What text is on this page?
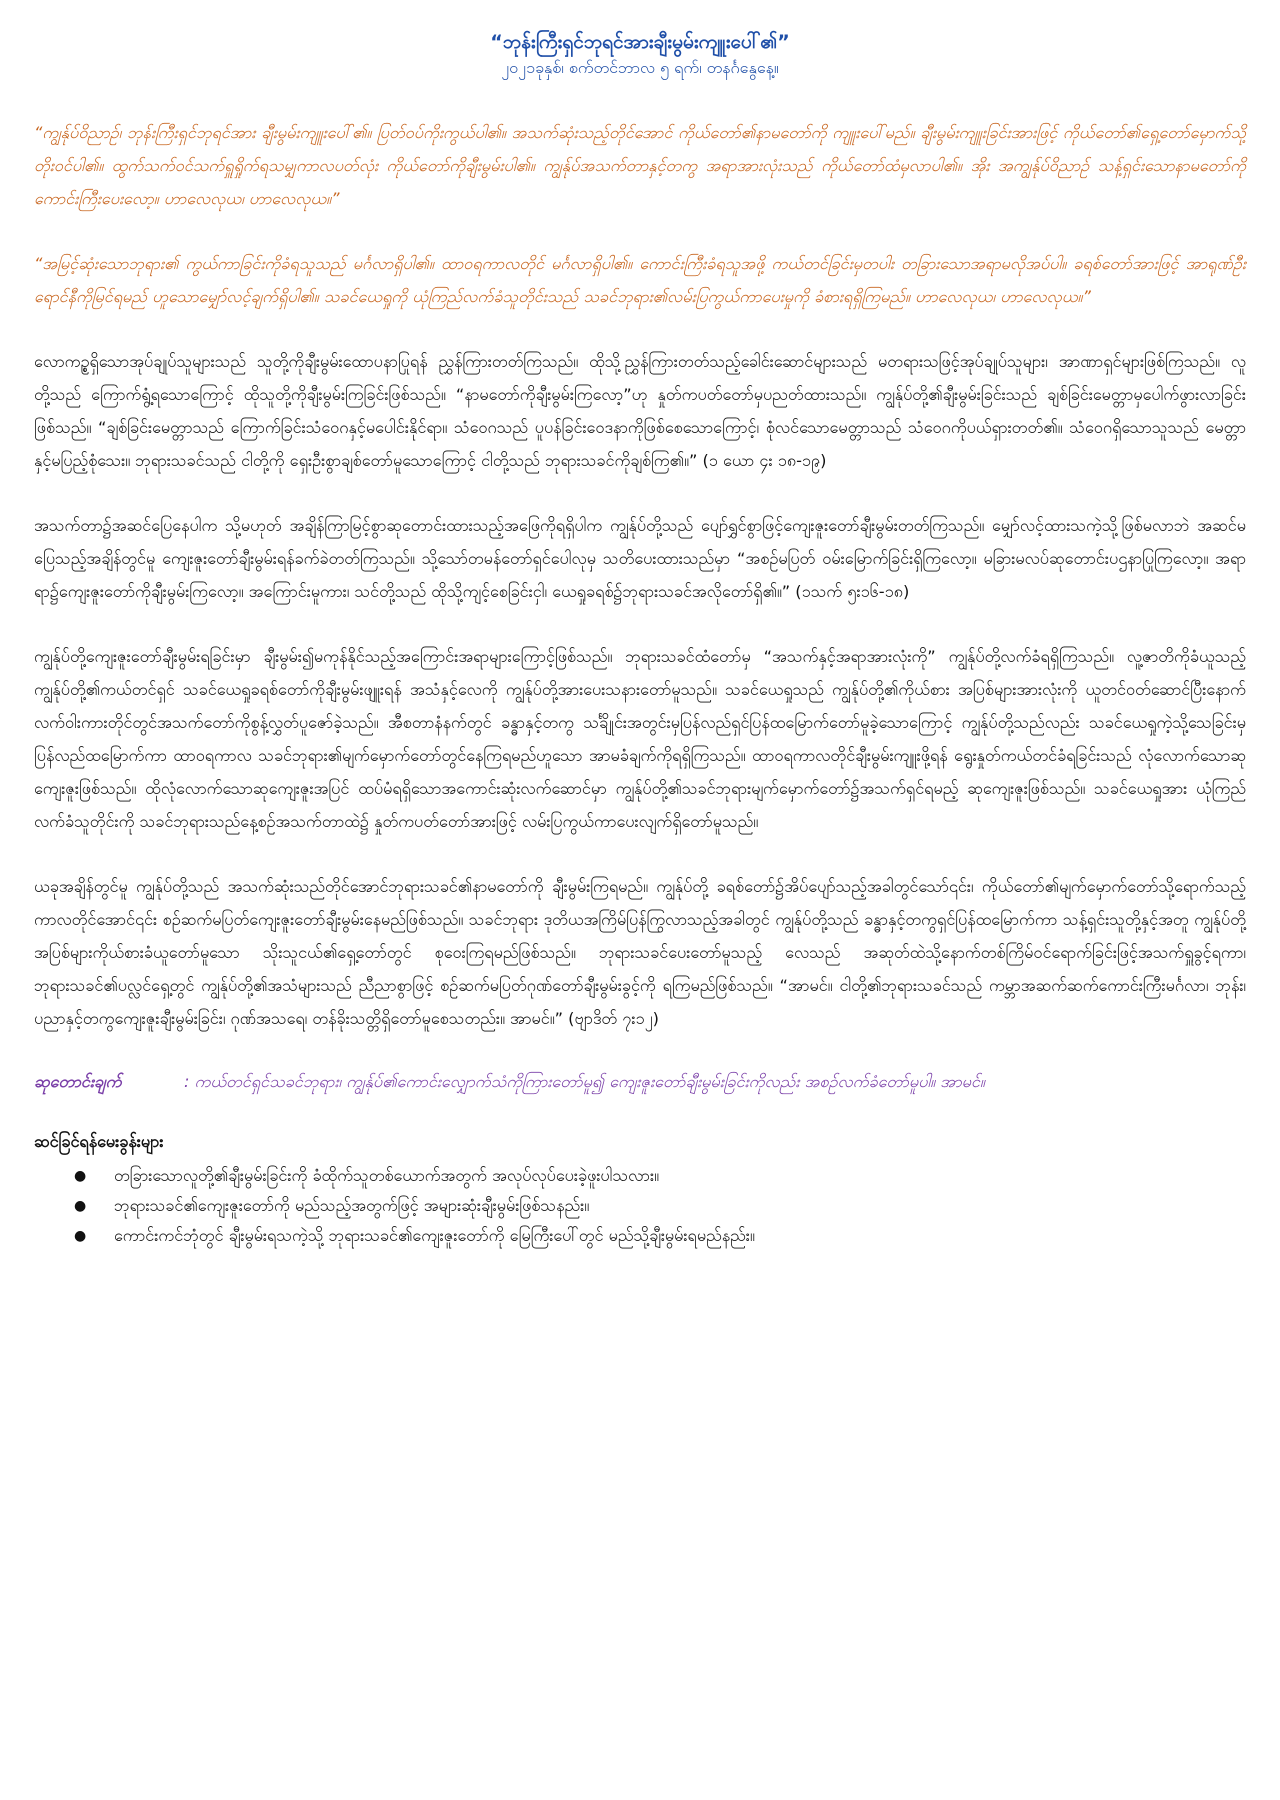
“ဘုန်းကြီးရှင်ဘုရင်အားချီးမွမ်းကျူးပေါ်၏”
၂၀၂၁ခုနှစ်၊ စက်တင်ဘာလ ၅ ရက်၊ တနင်္ဂနွေနေ့။

“ကျွန်ုပ်ဝိညာဉ်၊ ဘုန်းကြီးရှင်ဘုရင်အား ချီးမွမ်းကျူးပေါ်၏။ ပြတ်ဝပ်ကိုးကွယ်ပါ၏။ အသက်ဆုံးသည့်တိုင်အောင် ကိုယ်တော်၏နာမတော်ကို ကျူးပေါ်မည်။ ချီးမွမ်းကျူးခြင်းအားဖြင့် ကိုယ်တော်၏ရှေ့တော်မှောက်သို့ တိုးဝင်ပါ၏။ ထွက်သက်ဝင်သက်ရှူရှိုက်ရသမျှကာလပတ်လုံး ကိုယ်တော်ကိုချီးမွမ်းပါ၏။ ကျွန်ုပ်အသက်တာနှင့်တကွ အရာအားလုံးသည် ကိုယ်တော်ထံမှလာပါ၏။ အိုး အကျွန်ုပ်ဝိညာဉ် သန့်ရှင်းသောနာမတော်ကို ကောင်းကြီးပေးလော့။ ဟာလေလုယ၊ ဟာလေလုယ။”

“အမြင့်ဆုံးသောဘုရား၏ ကွယ်ကာခြင်းကိုခံရသူသည် မင်္ဂလာရှိပါ၏။ ထာဝရကာလတိုင် မင်္ဂလာရှိပါ၏။ ကောင်းကြီးခံရသူအဖို့ ကယ်တင်ခြင်းမှတပါး တခြားသောအရာမလိုအပ်ပါ။ ခရစ်တော်အားဖြင့် အာရုဏ်ဦးရောင်နီကိုမြင်ရမည် ဟူသောမျှော်လင့်ချက်ရှိပါ၏။ သခင်ယေရှုကို ယုံကြည်လက်ခံသူတိုင်းသည် သခင်ဘုရား၏လမ်းပြကွယ်ကာပေးမှုကို ခံစားရရှိကြမည်။ ဟာလေလုယ၊ ဟာလေလုယ။”

လောကဥ္စရှိသောအုပ်ချုပ်သူများသည် သူတို့ကိုချီးမွမ်းထောပနာပြုရန် ညွှန်ကြားတတ်ကြသည်။ ထိုသို့ညွှန်ကြားတတ်သည့်ခေါင်းဆောင်များသည် မတရားသဖြင့်အုပ်ချုပ်သူများ၊ အာဏာရှင်များဖြစ်ကြသည်။ လူတို့သည် ကြောက်ရွံ့ရသောကြောင့် ထိုသူတို့ကိုချီးမွမ်းကြခြင်းဖြစ်သည်။ “နာမတော်ကိုချီးမွမ်းကြလော့”ဟု နှုတ်ကပတ်တော်မှပညတ်ထားသည်။ ကျွန်ုပ်တို့၏ချီးမွမ်းခြင်းသည် ချစ်ခြင်းမေတ္တာမှပေါက်ဖွားလာခြင်းဖြစ်သည်။ “ချစ်ခြင်းမေတ္တာသည် ကြောက်ခြင်းသံဝေဂနှင့်မပေါင်းနိုင်ရာ။ သံဝေဂသည် ပူပန်ခြင်းဝေဒနာကိုဖြစ်စေသောကြောင့်၊ စုံလင်သောမေတ္တာသည် သံဝေဂကိုပယ်ရှားတတ်၏။ သံဝေဂရှိသောသူသည် မေတ္တာနှင့်မပြည့်စုံသေး။ ဘုရားသခင်သည် ငါတို့ကို ရှေးဦးစွာချစ်တော်မူသောကြောင့် ငါတို့သည် ဘုရားသခင်ကိုချစ်ကြ၏။” (၁ ယော ၄း ၁၈-၁၉)

အသက်တာ၌အဆင်ပြေနေပါက သို့မဟုတ် အချိန်ကြာမြင့်စွာဆုတောင်းထားသည့်အဖြေကိုရရှိပါက ကျွန်ုပ်တို့သည် ပျော်ရွှင်စွာဖြင့်ကျေးဇူးတော်ချီးမွမ်းတတ်ကြသည်။ မျှော်လင့်ထားသကဲ့သို့ဖြစ်မလာဘဲ အဆင်မပြေသည့်အချိန်တွင်မူ ကျေးဇူးတော်ချီးမွမ်းရန်ခက်ခဲတတ်ကြသည်။ သို့သော်တမန်တော်ရှင်ပေါလုမှ သတိပေးထားသည်မှာ “အစဉ်မပြတ် ဝမ်းမြောက်ခြင်းရှိကြလော့။ မခြားမလပ်ဆုတောင်းပဌနာပြုကြလော့။ အရာရာ၌ကျေးဇူးတော်ကိုချီးမွမ်းကြလော့။ အကြောင်းမူကား၊ သင်တို့သည် ထိုသို့ကျင့်စေခြင်းငှါ၊ ယေရှုခရစ်၌ဘုရားသခင်အလိုတော်ရှိ၏။” (၁သက် ၅း၁၆-၁၈)

ကျွန်ုပ်တို့ကျေးဇူးတော်ချီးမွမ်းရခြင်းမှာ ချီးမွမ်း၍မကုန်နိုင်သည့်အကြောင်းအရာများကြောင့်ဖြစ်သည်။ ဘုရားသခင်ထံတော်မှ “အသက်နှင့်အရာအားလုံးကို” ကျွန်ုပ်တို့လက်ခံရရှိကြသည်။ လူ့ဇာတိကိုခံယူသည့် ကျွန်ုပ်တို့၏ကယ်တင်ရှင် သခင်ယေရှုခရစ်တော်ကိုချီးမွမ်းဖျူးရန် အသံနှင့်လေကို ကျွန်ုပ်တို့အားပေးသနားတော်မူသည်။ သခင်ယေရှုသည် ကျွန်ုပ်တို့၏ကိုယ်စား အပြစ်များအားလုံးကို ယူတင်ဝတ်ဆောင်ပြီးနောက် လက်ဝါးကားတိုင်တွင်အသက်တော်ကိုစွန့်လွှတ်ပူဇော်ခဲ့သည်။ အီစတာနံနက်တွင် ခန္ဓာနှင့်တကွ သင်္ချိုင်းအတွင်းမှပြန်လည်ရှင်ပြန်ထမြောက်တော်မူခဲ့သောကြောင့် ကျွန်ုပ်တို့သည်လည်း သခင်ယေရှုကဲ့သို့သေခြင်းမှပြန်လည်ထမြောက်ကာ ထာဝရကာလ သခင်ဘုရား၏မျက်မှောက်တော်တွင်နေကြရမည်ဟူသော အာမခံချက်ကိုရရှိကြသည်။ ထာဝရကာလတိုင်ချီးမွမ်းကျူးဖို့ရန် ရွေးနှုတ်ကယ်တင်ခံရခြင်းသည် လုံလောက်သောဆုကျေးဇူးဖြစ်သည်။ ထိုလုံလောက်သောဆုကျေးဇူးအပြင် ထပ်မံရရှိသောအကောင်းဆုံးလက်ဆောင်မှာ ကျွန်ုပ်တို့၏သခင်ဘုရားမျက်မှောက်တော်၌အသက်ရှင်ရမည့် ဆုကျေးဇူးဖြစ်သည်။ သခင်ယေရှုအား ယုံကြည်လက်ခံသူတိုင်းကို သခင်ဘုရားသည်နေ့စဉ်အသက်တာထဲ၌ နှုတ်ကပတ်တော်အားဖြင့် လမ်းပြကွယ်ကာပေးလျက်ရှိတော်မူသည်။

ယခုအချိန်တွင်မူ ကျွန်ုပ်တို့သည် အသက်ဆုံးသည်တိုင်အောင်ဘုရားသခင်၏နာမတော်ကို ချီးမွမ်းကြရမည်။ ကျွန်ုပ်တို့ ခရစ်တော်၌အိပ်ပျော်သည့်အခါတွင်သော်၎င်း၊ ကိုယ်တော်၏မျက်မှောက်တော်သို့ရောက်သည့်ကာလတိုင်အောင်၎င်း စဉ်ဆက်မပြတ်ကျေးဇူးတော်ချီးမွမ်းနေမည်ဖြစ်သည်။ သခင်ဘုရား ဒုတိယအကြိမ်ပြန်ကြွလာသည့်အခါတွင် ကျွန်ုပ်တို့သည် ခန္ဓာနှင့်တကွရှင်ပြန်ထမြောက်ကာ သန့်ရှင်းသူတို့နှင့်အတူ ကျွန်ုပ်တို့အပြစ်များကိုယ်စားခံယူတော်မူသော သိုးသူငယ်၏ရှေ့တော်တွင် စုဝေးကြရမည်ဖြစ်သည်။ ဘုရားသခင်ပေးတော်မူသည့် လေသည် အဆုတ်ထဲသို့နောက်တစ်ကြိမ်ဝင်ရောက်ခြင်းဖြင့်အသက်ရှူခွင့်ရကာ၊ ဘုရားသခင်၏ပလ္လင်ရှေ့တွင် ကျွန်ုပ်တို့၏အသံများသည် ညီညာစွာဖြင့် စဉ်ဆက်မပြတ်ဂုဏ်တော်ချီးမွမ်းခွင့်ကို ရကြမည်ဖြစ်သည်။ “အာမင်။ ငါတို့၏ဘုရားသခင်သည် ကမ္ဘာအဆက်ဆက်ကောင်းကြီးမင်္ဂလာ၊ ဘုန်း၊ ပညာနှင့်တကွကျေးဇူးချီးမွမ်းခြင်း၊ ဂုဏ်အသရေ၊ တန်ခိုးသတ္တိရှိတော်မူစေသတည်း။ အာမင်။” (ဗျာဒိတ် ၇း၁၂)

ဆုတောင်းချက်	: ကယ်တင်ရှင်သခင်ဘုရား၊ ကျွန်ုပ်၏ကောင်းလျှောက်သံကိုကြားတော်မူ၍ ကျေးဇူးတော်ချီးမွမ်းခြင်းကိုလည်း အစဉ်လက်ခံတော်မူပါ။ အာမင်။
ဆင်ခြင်ရန်မေးခွန်းများ
●	တခြားသောလူတို့၏ချီးမွမ်းခြင်းကို ခံထိုက်သူတစ်ယောက်အတွက် အလုပ်လုပ်ပေးခဲ့ဖူးပါသလား။
●	ဘုရားသခင်၏ကျေးဇူးတော်ကို မည်သည့်အတွက်ဖြင့် အများဆုံးချီးမွမ်းဖြစ်သနည်း။
●	ကောင်းကင်ဘုံတွင် ချီးမွမ်းရသကဲ့သို့ ဘုရားသခင်၏ကျေးဇူးတော်ကို မြေကြီးပေါ်တွင် မည်သို့ချီးမွမ်းရမည်နည်း။
